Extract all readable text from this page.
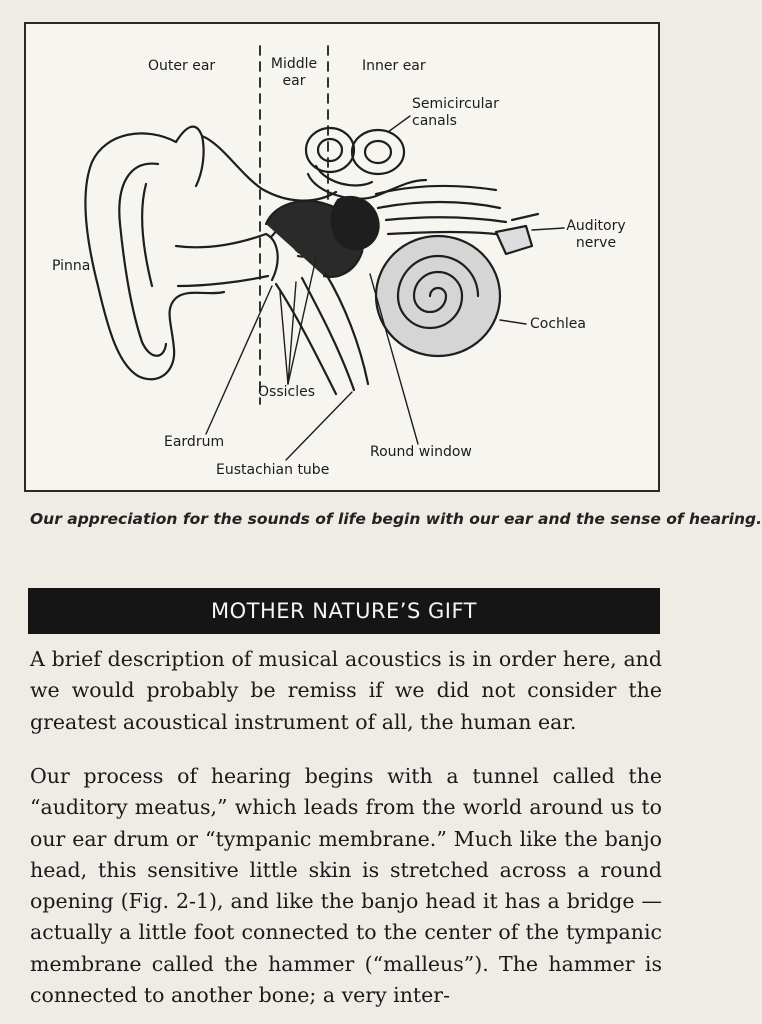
Outer ear	Middle
ear
Inner ear
Semicircular
canals
Auditory
nerve
Pinna
Cochlea
Ossicles
Eardrum
Round window
Eustachian tube
Our appreciation for the sounds of life begin with our ear and the sense of hearing.
MOTHER NATURE’S GIFT
A brief description of musical acoustics is in order here, and we would probably be remiss if we did not consider the greatest acoustical instrument of all, the human ear.
Our process of hearing begins with a tunnel called the “auditory meatus,” which leads from the world around us to our ear drum or “tympanic membrane.” Much like the banjo head, this sensitive little skin is stretched across a round opening (Fig. 2-1), and like the banjo head it has a bridge — actually a little foot connected to the center of the tympanic membrane called the hammer (“malleus”). The hammer is connected to another bone; a very inter-
